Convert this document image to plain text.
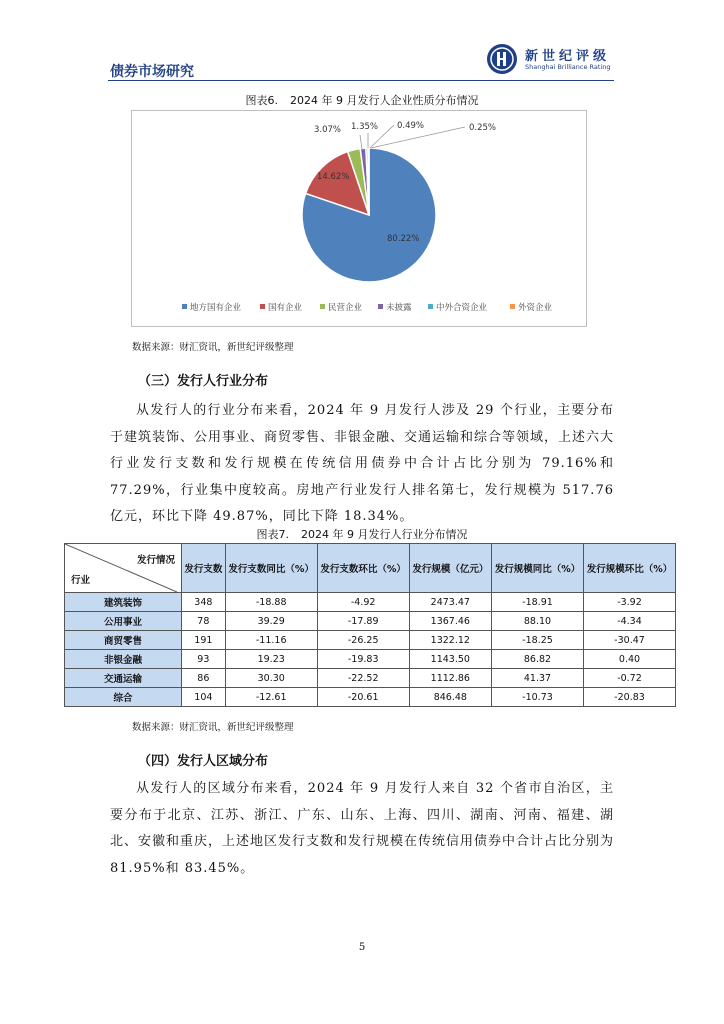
债券市场研究
新世纪评级
Shanghai Brilliance Rating
图表6. 2024 年 9 月发行人企业性质分布情况
80.22%
14.62%
3.07% 1.35% 0.49%	0.25%
地方国有企业	国有企业	民营企业	未披露	中外合资企业	外资企业
数据来源：财汇资讯，新世纪评级整理
（三）发行人行业分布
从发行人的行业分布来看，2024 年 9 月发行人涉及 29 个行业，主要分布于建筑装饰、公用事业、商贸零售、非银金融、交通运输和综合等领域，上述六大行业发行支数和发行规模在传统信用债券中合计占比分别为 79.16%和 77.29%，行业集中度较高。房地产行业发行人排名第七，发行规模为 517.76 亿元，环比下降 49.87%，同比下降 18.34%。
图表7. 2024 年 9 月发行人行业分布情况
发行情况
行业	发行支数	发行支数同比（%）	发行支数环比（%）	发行规模（亿元）	发行规模同比（%）	发行规模环比（%）
建筑装饰	348	-18.88	-4.92	2473.47	-18.91	-3.92
公用事业	78	39.29	-17.89	1367.46	88.10	-4.34
商贸零售	191	-11.16	-26.25	1322.12	-18.25	-30.47
非银金融	93	19.23	-19.83	1143.50	86.82	0.40
交通运输	86	30.30	-22.52	1112.86	41.37	-0.72
综合	104	-12.61	-20.61	846.48	-10.73	-20.83
数据来源：财汇资讯，新世纪评级整理
（四）发行人区域分布
从发行人的区域分布来看，2024 年 9 月发行人来自 32 个省市自治区，主要分布于北京、江苏、浙江、广东、山东、上海、四川、湖南、河南、福建、湖北、安徽和重庆，上述地区发行支数和发行规模在传统信用债券中合计占比分别为 81.95%和 83.45%。
5
